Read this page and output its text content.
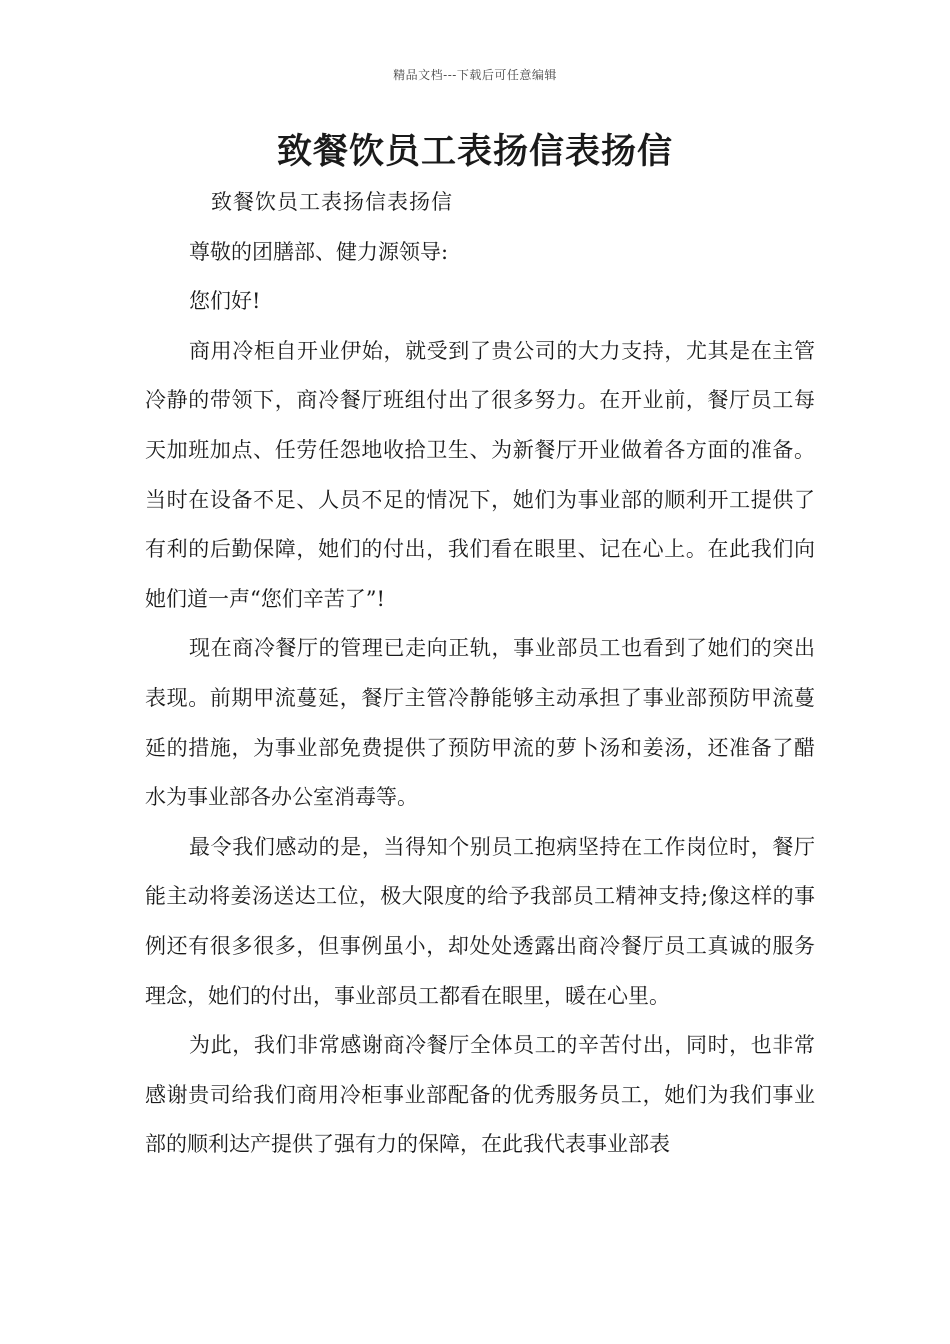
精品文档---下载后可任意编辑
致餐饮员工表扬信表扬信

致餐饮员工表扬信表扬信

尊敬的团膳部、健力源领导:

您们好!

商用冷柜自开业伊始，就受到了贵公司的大力支持，尤其是在主管冷静的带领下，商冷餐厅班组付出了很多努力。在开业前，餐厅员工每天加班加点、任劳任怨地收拾卫生、为新餐厅开业做着各方面的准备。当时在设备不足、人员不足的情况下，她们为事业部的顺利开工提供了有利的后勤保障，她们的付出，我们看在眼里、记在心上。在此我们向她们道一声“您们辛苦了”!

现在商冷餐厅的管理已走向正轨，事业部员工也看到了她们的突出表现。前期甲流蔓延，餐厅主管冷静能够主动承担了事业部预防甲流蔓延的措施，为事业部免费提供了预防甲流的萝卜汤和姜汤，还准备了醋水为事业部各办公室消毒等。

最令我们感动的是，当得知个别员工抱病坚持在工作岗位时，餐厅能主动将姜汤送达工位，极大限度的给予我部员工精神支持;像这样的事例还有很多很多，但事例虽小，却处处透露出商冷餐厅员工真诚的服务理念，她们的付出，事业部员工都看在眼里，暖在心里。

为此，我们非常感谢商冷餐厅全体员工的辛苦付出，同时，也非常感谢贵司给我们商用冷柜事业部配备的优秀服务员工，她们为我们事业部的顺利达产提供了强有力的保障，在此我代表事业部表
